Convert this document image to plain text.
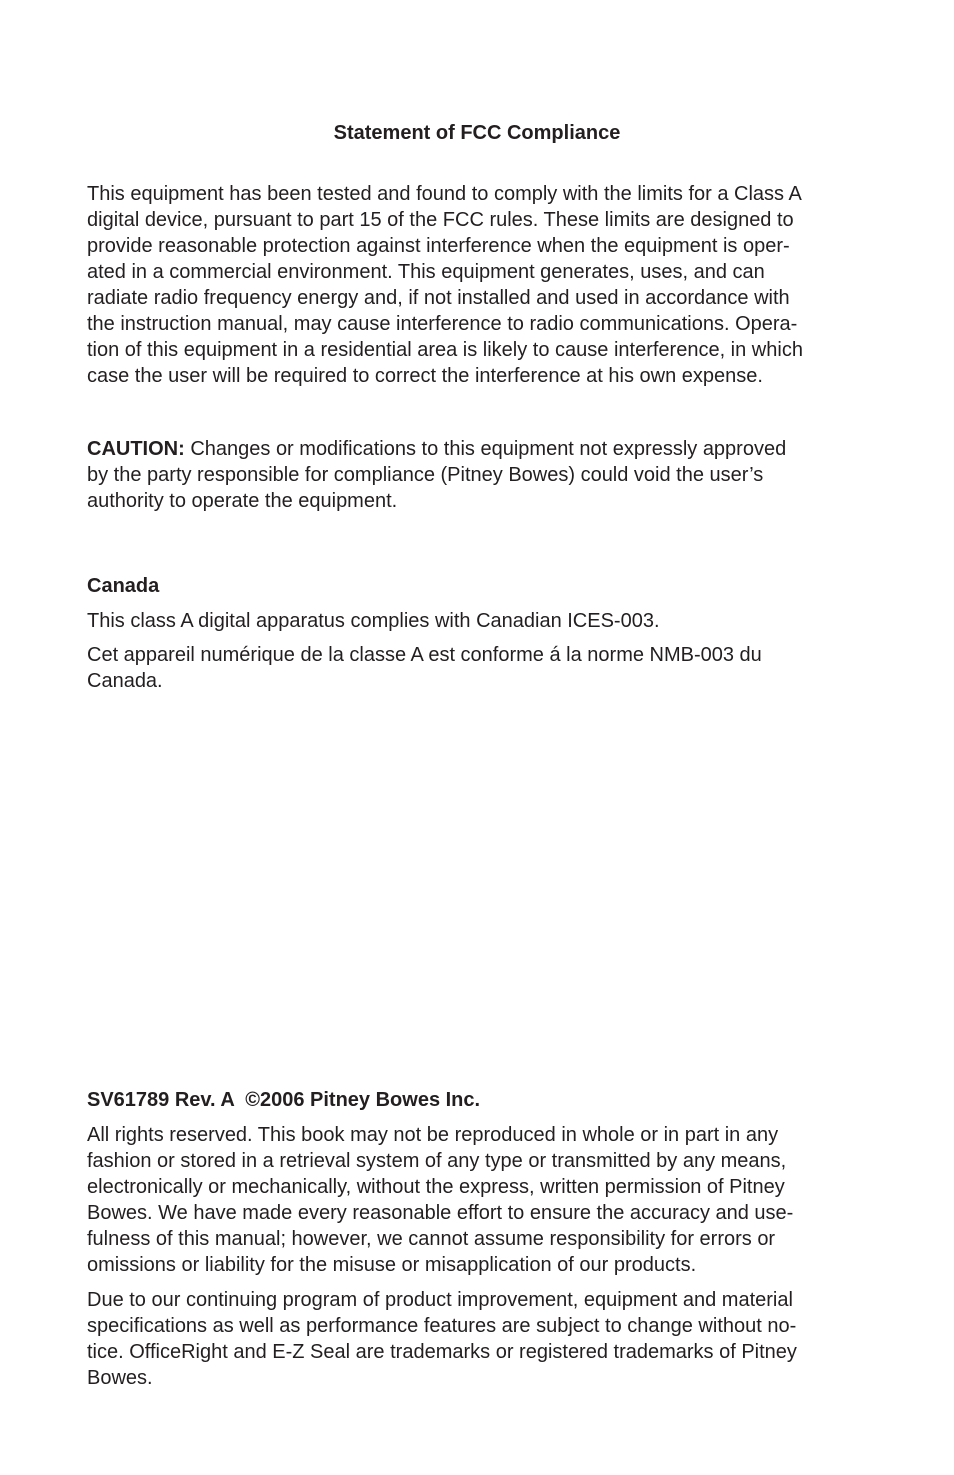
Statement of FCC Compliance

This equipment has been tested and found to comply with the limits for a Class A
digital device, pursuant to part 15 of the FCC rules. These limits are designed to
provide reasonable protection against interference when the equipment is oper-
ated in a commercial environment. This equipment generates, uses, and can
radiate radio frequency energy and, if not installed and used in accordance with
the instruction manual, may cause interference to radio communications. Opera-
tion of this equipment in a residential area is likely to cause interference, in which
case the user will be required to correct the interference at his own expense.

CAUTION: Changes or modifications to this equipment not expressly approved
by the party responsible for compliance (Pitney Bowes) could void the user’s
authority to operate the equipment.

Canada

This class A digital apparatus complies with Canadian ICES-003.

Cet appareil numérique de la classe A est conforme á la norme NMB-003 du
Canada.

SV61789 Rev. A  ©2006 Pitney Bowes Inc.

All rights reserved. This book may not be reproduced in whole or in part in any
fashion or stored in a retrieval system of any type or transmitted by any means,
electronically or mechanically, without the express, written permission of Pitney
Bowes. We have made every reasonable effort to ensure the accuracy and use-
fulness of this manual; however, we cannot assume responsibility for errors or
omissions or liability for the misuse or misapplication of our products.

Due to our continuing program of product improvement, equipment and material
specifications as well as performance features are subject to change without no-
tice. OfficeRight and E-Z Seal are trademarks or registered trademarks of Pitney
Bowes.
